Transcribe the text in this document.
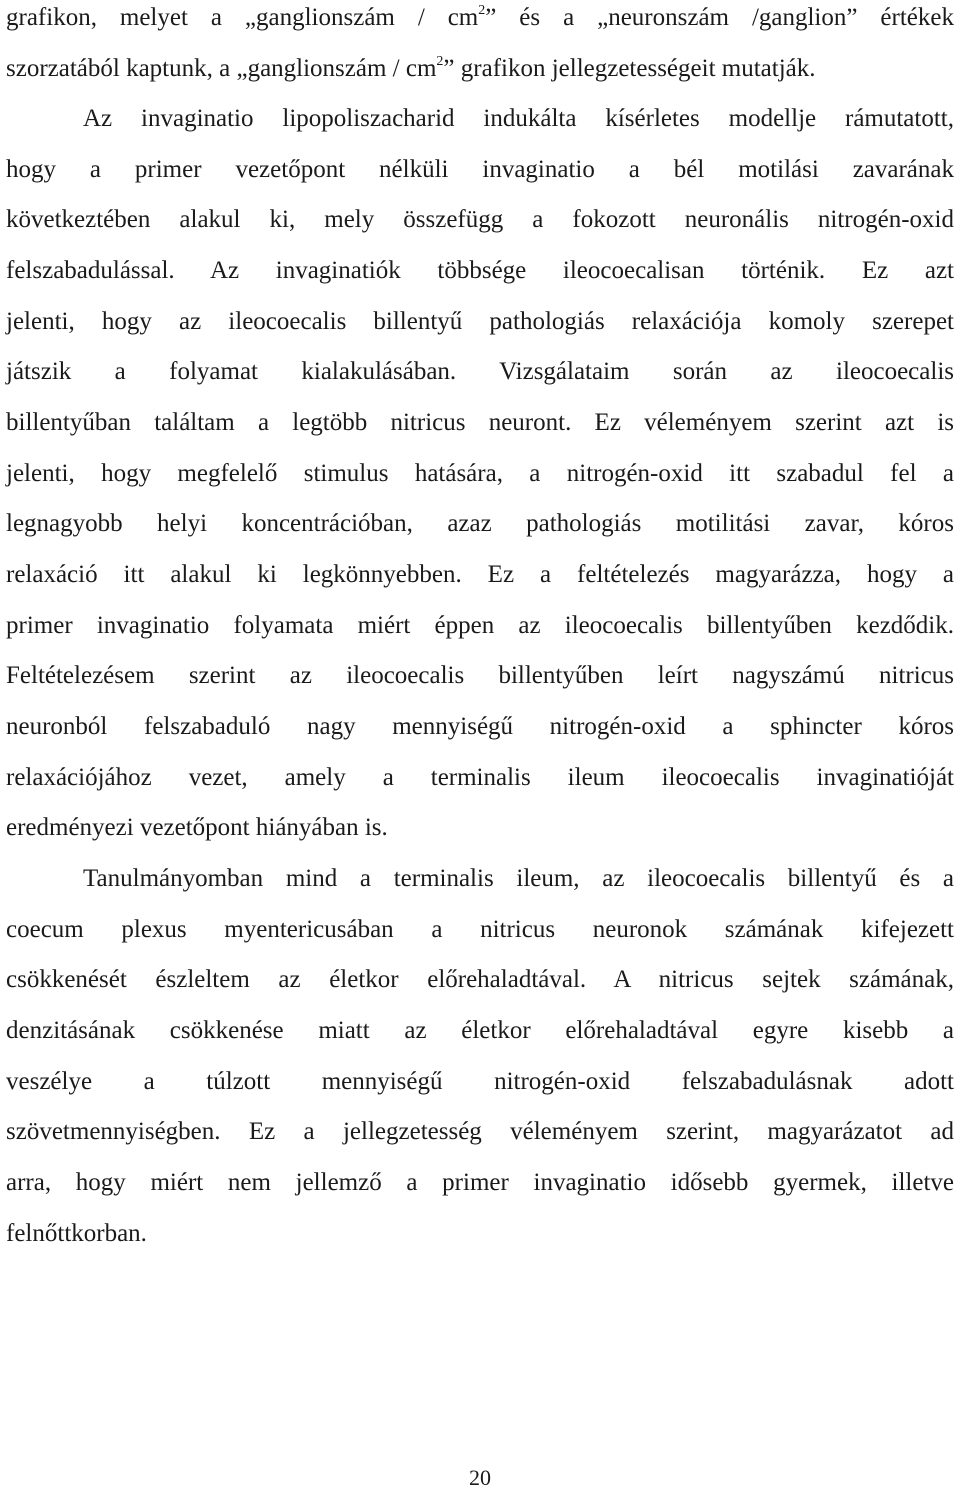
grafikon, melyet a „ganglionszám / $cm^2$” és a „neuronszám /ganglion” értékek
szorzatából kaptunk, a „ganglionszám / $cm^2$” grafikon jellegzetességeit mutatják.
Az invaginatio lipopoliszacharid indukálta kísérletes modellje rámutatott,
hogy a primer vezetőpont nélküli invaginatio a bél motilási zavarának
következtében alakul ki, mely összefügg a fokozott neuronális nitrogén-oxid
felszabadulással. Az invaginatiók többsége ileocoecalisan történik. Ez azt
jelenti, hogy az ileocoecalis billentyű pathologiás relaxációja komoly szerepet
játszik a folyamat kialakulásában. Vizsgálataim során az ileocoecalis
billentyűban találtam a legtöbb nitricus neuront. Ez véleményem szerint azt is
jelenti, hogy megfelelő stimulus hatására, a nitrogén-oxid itt szabadul fel a
legnagyobb helyi koncentrációban, azaz pathologiás motilitási zavar, kóros
relaxáció itt alakul ki legkönnyebben. Ez a feltételezés magyarázza, hogy a
primer invaginatio folyamata miért éppen az ileocoecalis billentyűben kezdődik.
Feltételezésem szerint az ileocoecalis billentyűben leírt nagyszámú nitricus
neuronból felszabaduló nagy mennyiségű nitrogén-oxid a sphincter kóros
relaxációjához vezet, amely a terminalis ileum ileocoecalis invaginatióját
eredményezi vezetőpont hiányában is.
Tanulmányomban mind a terminalis ileum, az ileocoecalis billentyű és a
coecum plexus myentericusában a nitricus neuronok számának kifejezett
csökkenését észleltem az életkor előrehaladtával. A nitricus sejtek számának,
denzitásának csökkenése miatt az életkor előrehaladtával egyre kisebb a
veszélye a túlzott mennyiségű nitrogén-oxid felszabadulásnak adott
szövetmennyiségben. Ez a jellegzetesség véleményem szerint, magyarázatot ad
arra, hogy miért nem jellemző a primer invaginatio idősebb gyermek, illetve
felnőttkorban.
20
